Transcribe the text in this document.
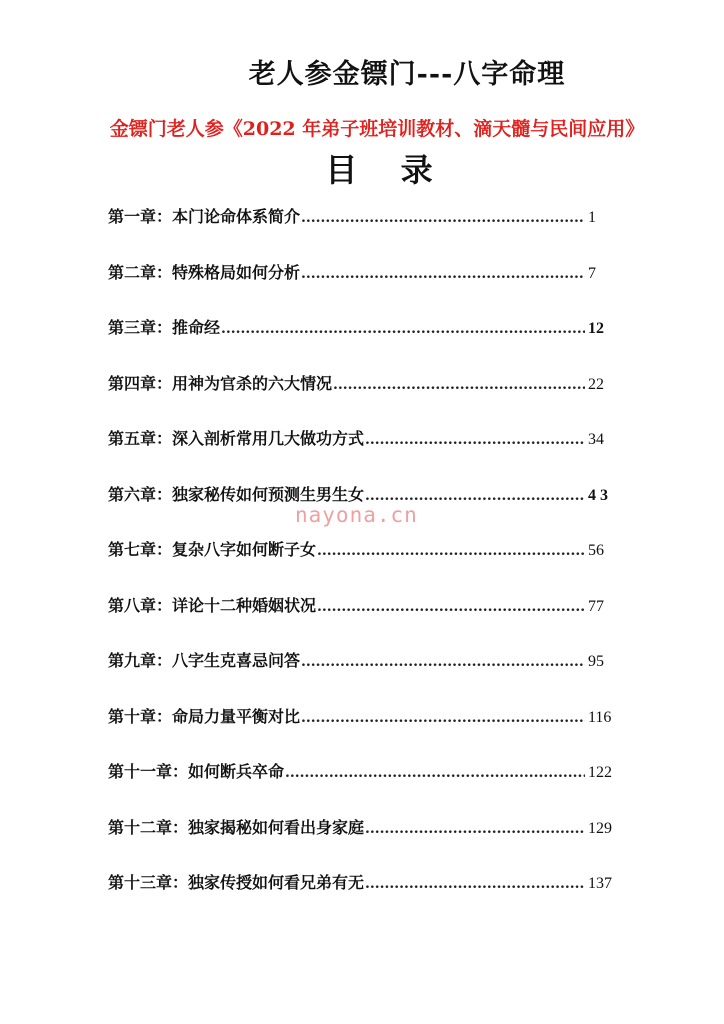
老人参金镖门---八字命理
金镖门老人参《2022 年弟子班培训教材、滴天髓与民间应用》
目 录
第一章： 本门论命体系简介 .....	1
第二章： 特殊格局如何分析 .....	7
第三章： 推命经 .....	12
第四章： 用神为官杀的六大情况 .....	22
第五章： 深入剖析常用几大做功方式 .....	34
第六章： 独家秘传如何预测生男生女 .....	4 3
第七章： 复杂八字如何断子女 .....	56
第八章： 详论十二种婚姻状况 .....	77
第九章： 八字生克喜忌问答 .....	95
第十章： 命局力量平衡对比 .....	116
第十一章： 如何断兵卒命 .....	122
第十二章： 独家揭秘如何看出身家庭 .....	129
第十三章： 独家传授如何看兄弟有无 .....	137
nayona.cn
